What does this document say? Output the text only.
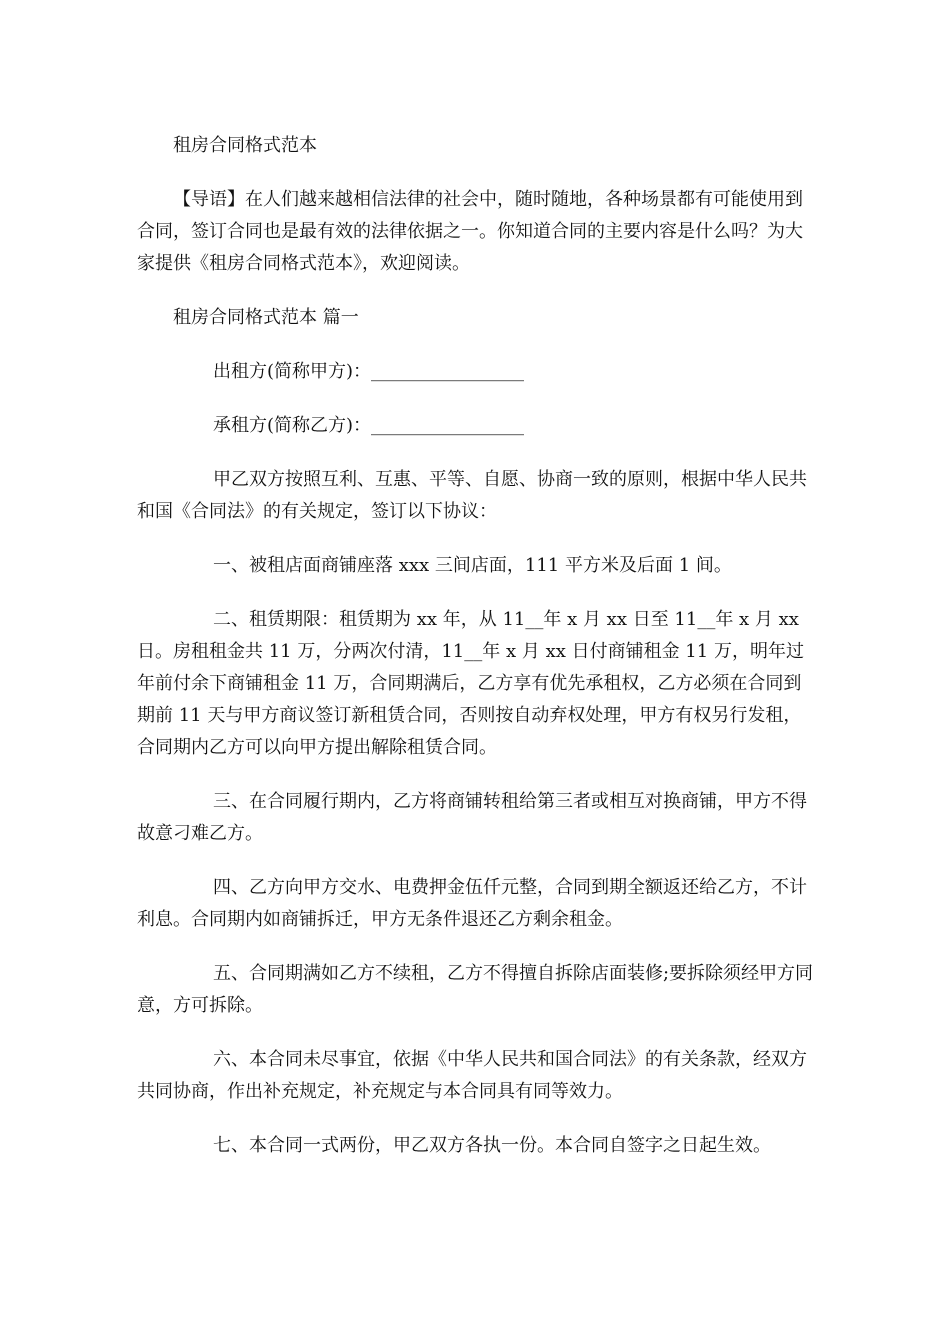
租房合同格式范本

【导语】在人们越来越相信法律的社会中，随时随地，各种场景都有可能使用到合同，签订合同也是最有效的法律依据之一。你知道合同的主要内容是什么吗？为大家提供《租房合同格式范本》，欢迎阅读。

租房合同格式范本 篇一

出租方(简称甲方)：_________________

承租方(简称乙方)：_________________

甲乙双方按照互利、互惠、平等、自愿、协商一致的原则，根据中华人民共和国《合同法》的有关规定，签订以下协议：

一、被租店面商铺座落 xxx 三间店面，111 平方米及后面 1 间。

二、租赁期限：租赁期为 xx 年，从 11__年 x 月 xx 日至 11__年 x 月 xx 日。房租租金共 11 万，分两次付清，11__年 x 月 xx 日付商铺租金 11 万，明年过年前付余下商铺租金 11 万，合同期满后，乙方享有优先承租权，乙方必须在合同到期前 11 天与甲方商议签订新租赁合同，否则按自动弃权处理，甲方有权另行发租，合同期内乙方可以向甲方提出解除租赁合同。

三、在合同履行期内，乙方将商铺转租给第三者或相互对换商铺，甲方不得故意刁难乙方。

四、乙方向甲方交水、电费押金伍仟元整，合同到期全额返还给乙方，不计利息。合同期内如商铺拆迁，甲方无条件退还乙方剩余租金。

五、合同期满如乙方不续租，乙方不得擅自拆除店面装修;要拆除须经甲方同意，方可拆除。

六、本合同未尽事宜，依据《中华人民共和国合同法》的有关条款，经双方共同协商，作出补充规定，补充规定与本合同具有同等效力。

七、本合同一式两份，甲乙双方各执一份。本合同自签字之日起生效。
